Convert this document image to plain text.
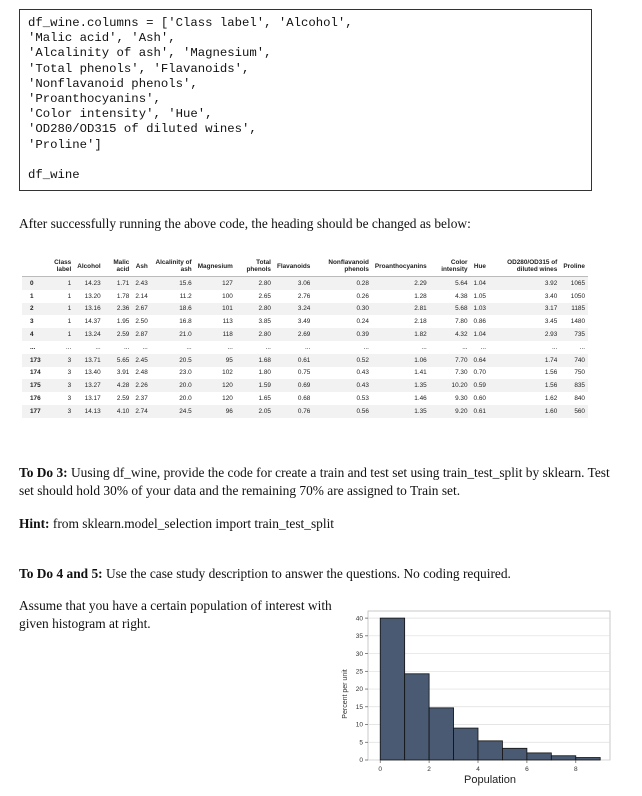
df_wine.columns = ['Class label', 'Alcohol',
'Malic acid', 'Ash',
'Alcalinity of ash', 'Magnesium',
'Total phenols', 'Flavanoids',
'Nonflavanoid phenols',
'Proanthocyanins',
'Color intensity', 'Hue',
'OD280/OD315 of diluted wines',
'Proline']
df_wine
After successfully running the above code, the heading should be changed as below:
	Class label	Alcohol	Malic acid	Ash	Alcalinity of ash	Magnesium	Total phenols	Flavanoids	Nonflavanoid phenols	Proanthocyanins	Color intensity	Hue	OD280/OD315 of diluted wines	Proline
0	1	14.23	1.71	2.43	15.6	127	2.80	3.06	0.28	2.29	5.64	1.04	3.92	1065
1	1	13.20	1.78	2.14	11.2	100	2.65	2.76	0.26	1.28	4.38	1.05	3.40	1050
2	1	13.16	2.36	2.67	18.6	101	2.80	3.24	0.30	2.81	5.68	1.03	3.17	1185
3	1	14.37	1.95	2.50	16.8	113	3.85	3.49	0.24	2.18	7.80	0.86	3.45	1480
4	1	13.24	2.59	2.87	21.0	118	2.80	2.69	0.39	1.82	4.32	1.04	2.93	735
...	...	...	...	...	...	...	...	...	...	...	...	...	...	...
173	3	13.71	5.65	2.45	20.5	95	1.68	0.61	0.52	1.06	7.70	0.64	1.74	740
174	3	13.40	3.91	2.48	23.0	102	1.80	0.75	0.43	1.41	7.30	0.70	1.56	750
175	3	13.27	4.28	2.26	20.0	120	1.59	0.69	0.43	1.35	10.20	0.59	1.56	835
176	3	13.17	2.59	2.37	20.0	120	1.65	0.68	0.53	1.46	9.30	0.60	1.62	840
177	3	14.13	4.10	2.74	24.5	96	2.05	0.76	0.56	1.35	9.20	0.61	1.60	560
To Do 3: Uusing df_wine, provide the code for create a train and test set using train_test_split by sklearn. Test set should hold 30% of your data and the remaining 70% are assigned to Train set.
Hint: from sklearn.model_selection import train_test_split
To Do 4 and 5: Use the case study description to answer the questions. No coding required.
Assume that you have a certain population of interest with given histogram at right.
0
5
10
15
20
25
30
35
40
0	2	4	6	8
Population
Percent per unit
